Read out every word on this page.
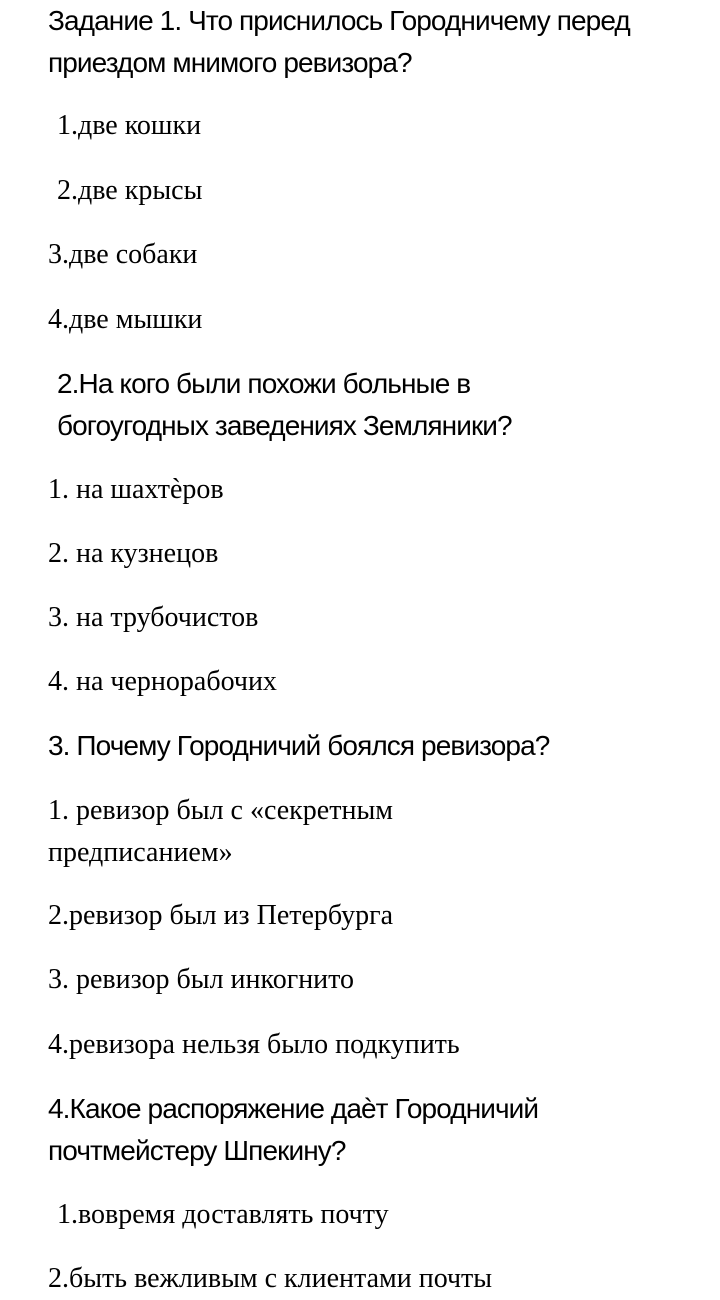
Задание 1. Что приснилось Городничему перед приездом мнимого ревизора?

1.две кошки

2.две крысы

3.две собаки

4.две мышки

2.На кого были похожи больные в богоугодных заведениях Земляники?

1. на шахтѐров

2. на кузнецов

3. на трубочистов

4. на чернорабочих

3. Почему Городничий боялся ревизора?

1. ревизор был с «секретным предписанием»

2.ревизор был из Петербурга

3. ревизор был инкогнито

4.ревизора нельзя было подкупить

4.Какое распоряжение даѐт Городничий почтмейстеру Шпекину?

1.вовремя доставлять почту

2.быть вежливым с клиентами почты
